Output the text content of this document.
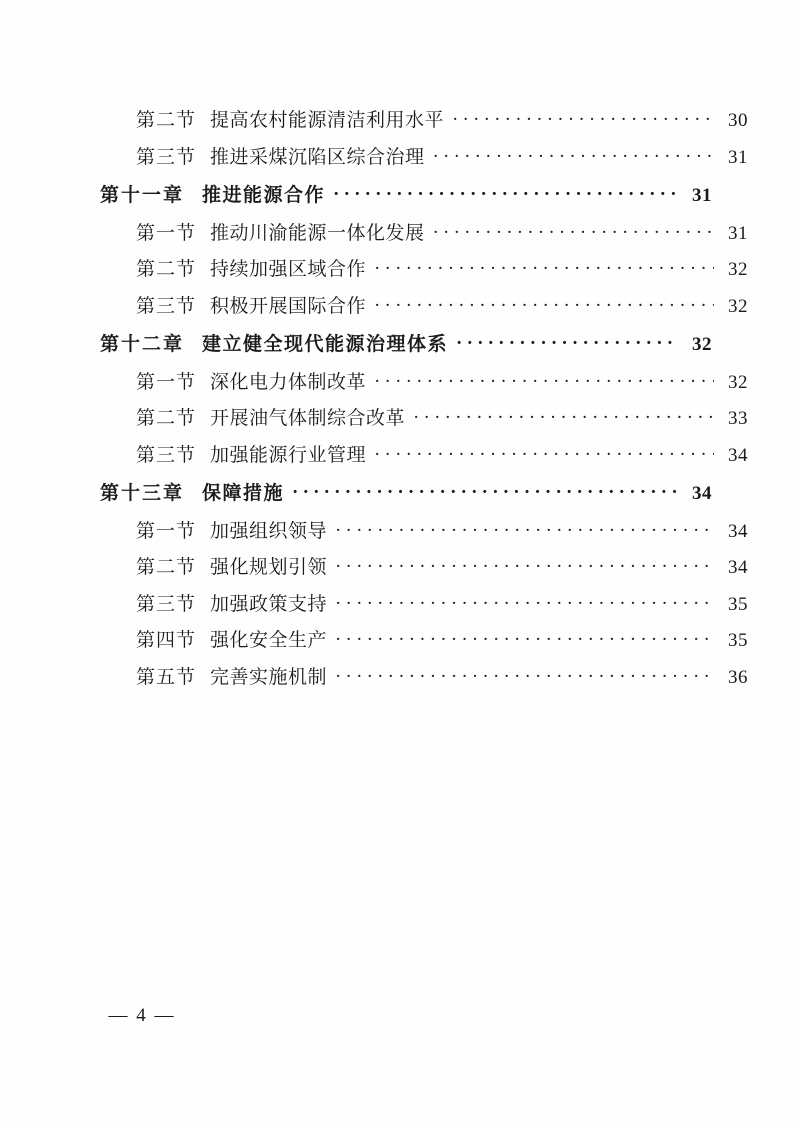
第二节 提高农村能源清洁利用水平 ·····	30
第三节 推进采煤沉陷区综合治理 ·····	31
第十一章 推进能源合作 ·····	31
第一节 推动川渝能源一体化发展 ·····	31
第二节 持续加强区域合作 ·····	32
第三节 积极开展国际合作 ·····	32
第十二章 建立健全现代能源治理体系 ·····	32
第一节 深化电力体制改革 ·····	32
第二节 开展油气体制综合改革 ·····	33
第三节 加强能源行业管理 ·····	34
第十三章 保障措施 ·····	34
第一节 加强组织领导 ·····	34
第二节 强化规划引领 ·····	34
第三节 加强政策支持 ·····	35
第四节 强化安全生产 ·····	35
第五节 完善实施机制 ·····	36
— 4 —
